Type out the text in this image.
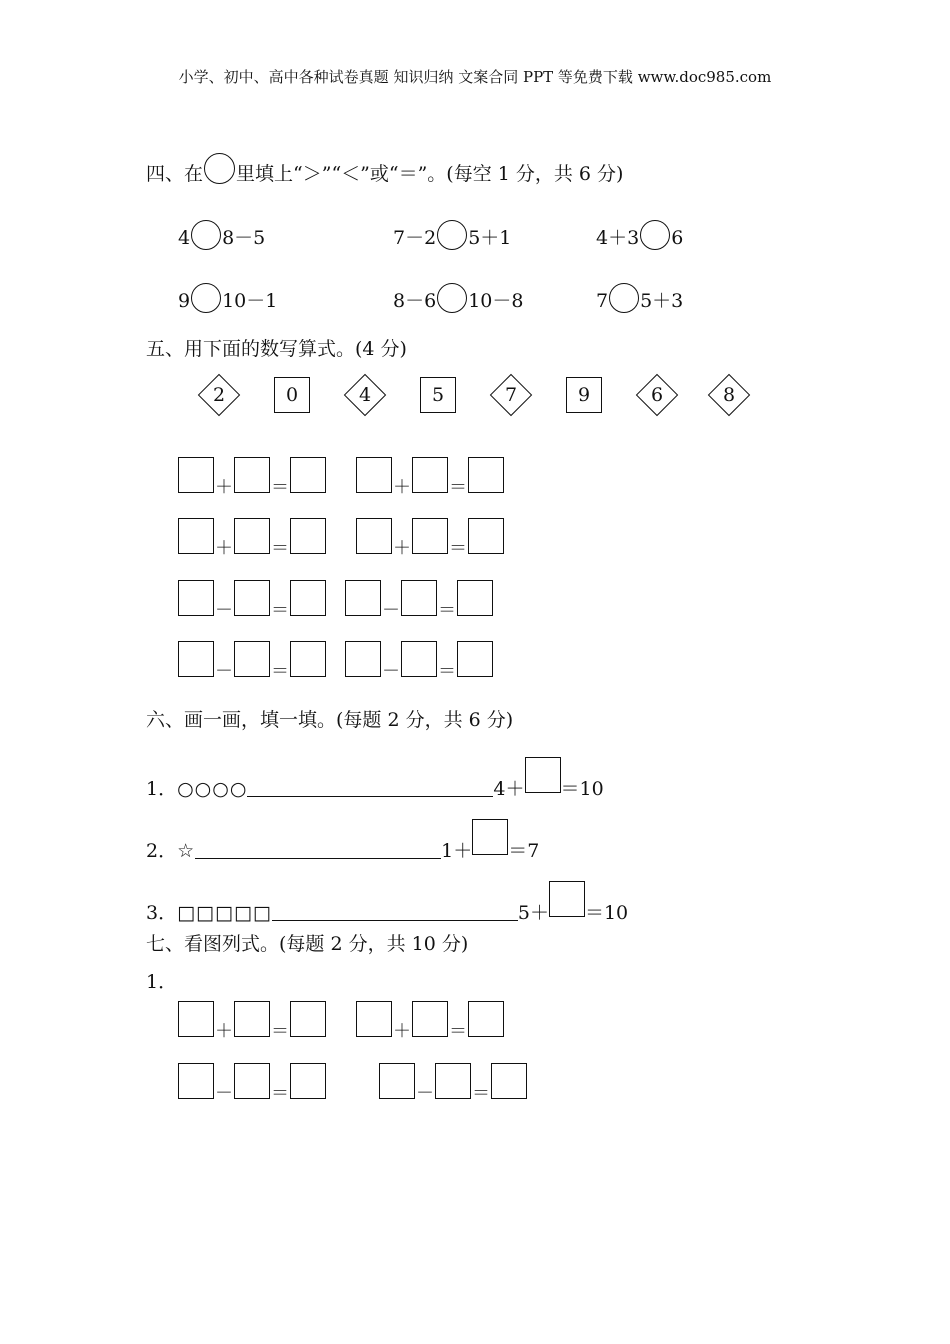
小学、初中、高中各种试卷真题 知识归纳 文案合同 PPT 等免费下载 www.doc985.com
四、在 里填上“＞”“＜”或“＝”。(每空 1 分，共 6 分)
4 8－5	7－2 5＋1	4＋3 6
9 10－1	8－6 10－8	7 5＋3
五、用下面的数写算式。(4 分)
2	0	4	5	7	9	6	8
＋ ＝	＋ ＝
＋ ＝	＋ ＝
－ ＝	－ ＝
－ ＝	－ ＝
六、画一画，填一填。(每题 2 分，共 6 分)
1．○○○○	4＋ ＝10
2．☆	1＋ ＝7
3．□□□□□	5＋ ＝10
七、看图列式。(每题 2 分，共 10 分)
1．
＋ ＝	＋ ＝
－ ＝	－ ＝
